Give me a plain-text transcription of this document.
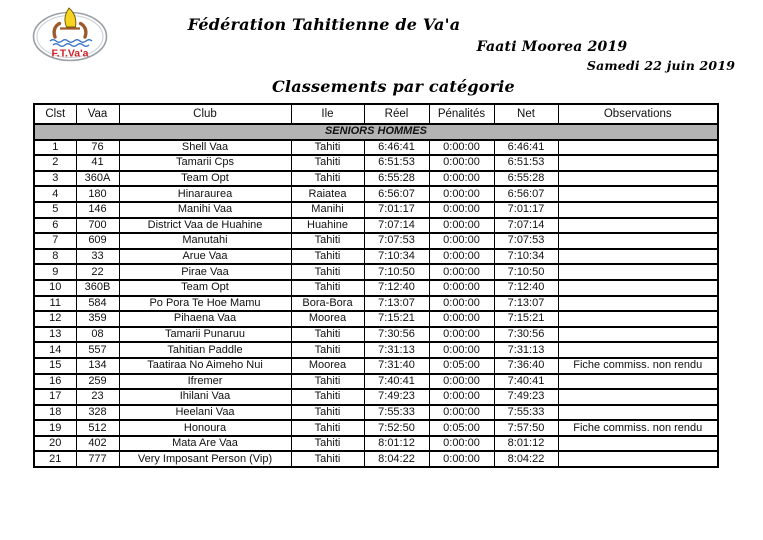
F.T.Va'a
Fédération Tahitienne de Va'a
Faati Moorea 2019
Samedi 22 juin 2019
Classements par catégorie
Clst	Vaa	Club	Ile	Réel	Pénalités	Net	Observations
SENIORS HOMMES							
1	76	Shell Vaa	Tahiti	6:46:41	0:00:00	6:46:41	
2	41	Tamarii Cps	Tahiti	6:51:53	0:00:00	6:51:53	
3	360A	Team Opt	Tahiti	6:55:28	0:00:00	6:55:28	
4	180	Hinaraurea	Raiatea	6:56:07	0:00:00	6:56:07	
5	146	Manihi Vaa	Manihi	7:01:17	0:00:00	7:01:17	
6	700	District Vaa de Huahine	Huahine	7:07:14	0:00:00	7:07:14	
7	609	Manutahi	Tahiti	7:07:53	0:00:00	7:07:53	
8	33	Arue Vaa	Tahiti	7:10:34	0:00:00	7:10:34	
9	22	Pirae Vaa	Tahiti	7:10:50	0:00:00	7:10:50	
10	360B	Team Opt	Tahiti	7:12:40	0:00:00	7:12:40	
11	584	Po Pora Te Hoe Mamu	Bora-Bora	7:13:07	0:00:00	7:13:07	
12	359	Pihaena Vaa	Moorea	7:15:21	0:00:00	7:15:21	
13	08	Tamarii Punaruu	Tahiti	7:30:56	0:00:00	7:30:56	
14	557	Tahitian Paddle	Tahiti	7:31:13	0:00:00	7:31:13	
15	134	Taatiraa No Aimeho Nui	Moorea	7:31:40	0:05:00	7:36:40	Fiche commiss. non rendu
16	259	Ifremer	Tahiti	7:40:41	0:00:00	7:40:41	
17	23	Ihilani Vaa	Tahiti	7:49:23	0:00:00	7:49:23	
18	328	Heelani Vaa	Tahiti	7:55:33	0:00:00	7:55:33	
19	512	Honoura	Tahiti	7:52:50	0:05:00	7:57:50	Fiche commiss. non rendu
20	402	Mata Are Vaa	Tahiti	8:01:12	0:00:00	8:01:12	
21	777	Very Imposant Person (Vip)	Tahiti	8:04:22	0:00:00	8:04:22	
